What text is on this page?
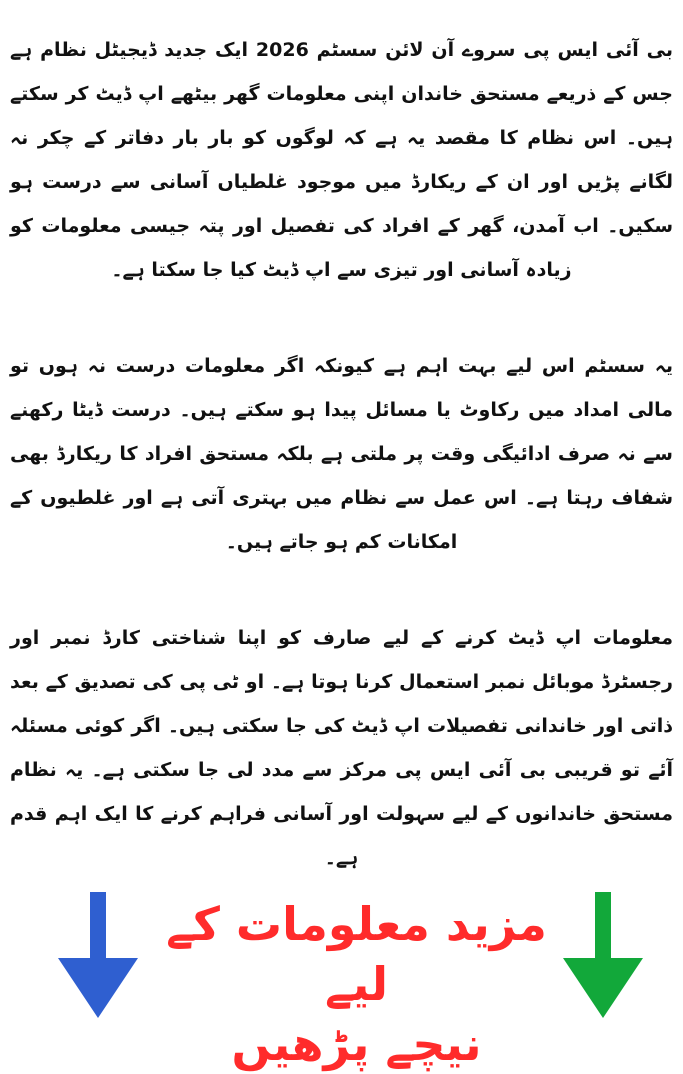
بی آئی ایس پی سروے آن لائن سسٹم 2026 ایک جدید ڈیجیٹل نظام ہے جس کے ذریعے مستحق خاندان اپنی معلومات گھر بیٹھے اپ ڈیٹ کر سکتے ہیں۔ اس نظام کا مقصد یہ ہے کہ لوگوں کو بار بار دفاتر کے چکر نہ لگانے پڑیں اور ان کے ریکارڈ میں موجود غلطیاں آسانی سے درست ہو سکیں۔ اب آمدن، گھر کے افراد کی تفصیل اور پتہ جیسی معلومات کو زیادہ آسانی اور تیزی سے اپ ڈیٹ کیا جا سکتا ہے۔

یہ سسٹم اس لیے بہت اہم ہے کیونکہ اگر معلومات درست نہ ہوں تو مالی امداد میں رکاوٹ یا مسائل پیدا ہو سکتے ہیں۔ درست ڈیٹا رکھنے سے نہ صرف ادائیگی وقت پر ملتی ہے بلکہ مستحق افراد کا ریکارڈ بھی شفاف رہتا ہے۔ اس عمل سے نظام میں بہتری آتی ہے اور غلطیوں کے امکانات کم ہو جاتے ہیں۔

معلومات اپ ڈیٹ کرنے کے لیے صارف کو اپنا شناختی کارڈ نمبر اور رجسٹرڈ موبائل نمبر استعمال کرنا ہوتا ہے۔ او ٹی پی کی تصدیق کے بعد ذاتی اور خاندانی تفصیلات اپ ڈیٹ کی جا سکتی ہیں۔ اگر کوئی مسئلہ آئے تو قریبی بی آئی ایس پی مرکز سے مدد لی جا سکتی ہے۔ یہ نظام مستحق خاندانوں کے لیے سہولت اور آسانی فراہم کرنے کا ایک اہم قدم ہے۔

مزید معلومات کے لیے
نیچے پڑھیں
